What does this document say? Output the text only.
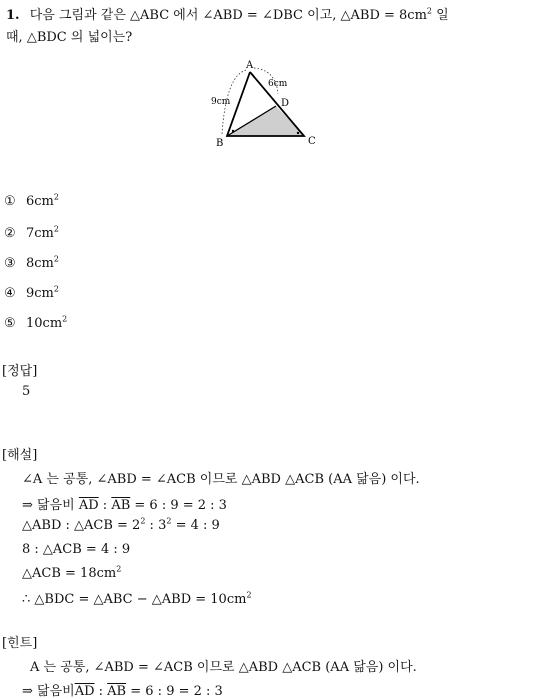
1. 다음 그림과 같은 △ABC 에서 ∠ABD = ∠DBC 이고, △ABD = $8cm^2$ 일
때, △BDC 의 넓이는?
A
B	C
D
9cm
6cm
① $6cm^2$
② $7cm^2$
③ $8cm^2$
④ $9cm^2$
⑤ $10cm^2$
[정답]
5
[해설]
∠A 는 공통, ∠ABD = ∠ACB 이므로 △ABD △ACB (AA 닮음) 이다.
⇒ 닮음비 $\overline{AD}$ : $\overline{AB} = 6$ : 9 = 2 : 3
△ABD : △ACB = $2^2$ : $3^2 = 4$ : 9
8 : △ACB = 4 : 9
△ACB = $18cm^2$
∴ △BDC = △ABC − △ABD = $10cm^2$
[힌트]
A 는 공통, ∠ABD = ∠ACB 이므로 △ABD △ACB (AA 닮음) 이다.
⇒ 닮음비$\overline{AD}$ : $\overline{AB} = 6$ : 9 = 2 : 3
